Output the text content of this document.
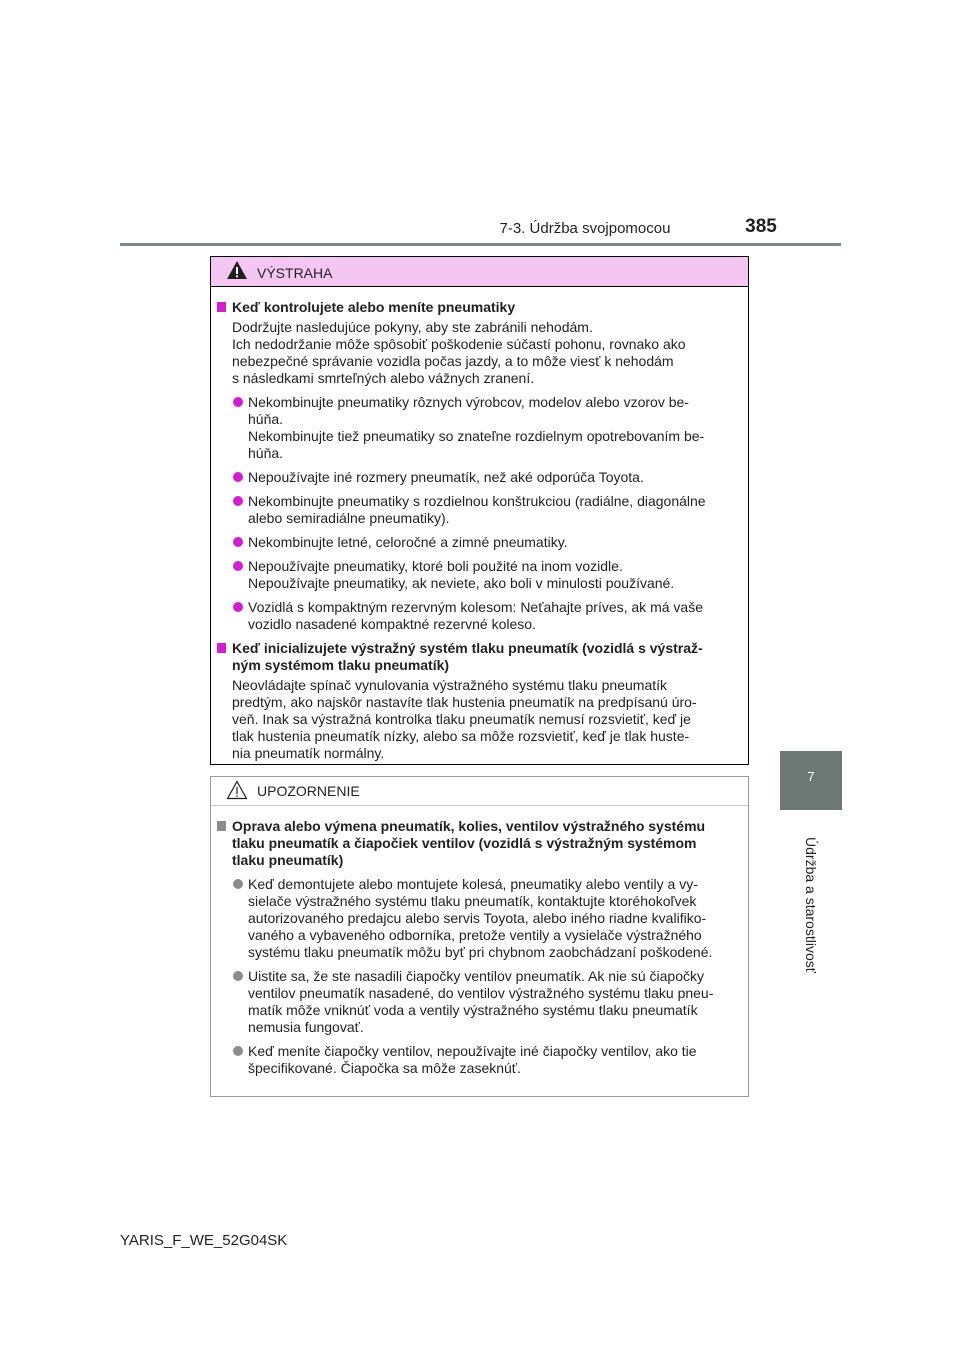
7-3. Údržba svojpomocou	385
7
Údržba a starostlivosť
VÝSTRAHA
Keď kontrolujete alebo meníte pneumatiky
Dodržujte nasledujúce pokyny, aby ste zabránili nehodám.
Ich nedodržanie môže spôsobiť poškodenie súčastí pohonu, rovnako ako
nebezpečné správanie vozidla počas jazdy, a to môže viesť k nehodám
s následkami smrteľných alebo vážnych zranení.
Nekombinujte pneumatiky rôznych výrobcov, modelov alebo vzorov be-
húňa.
Nekombinujte tiež pneumatiky so znateľne rozdielnym opotrebovaním be-
húňa.
Nepoužívajte iné rozmery pneumatík, než aké odporúča Toyota.
Nekombinujte pneumatiky s rozdielnou konštrukciou (radiálne, diagonálne
alebo semiradiálne pneumatiky).
Nekombinujte letné, celoročné a zimné pneumatiky.
Nepoužívajte pneumatiky, ktoré boli použité na inom vozidle.
Nepoužívajte pneumatiky, ak neviete, ako boli v minulosti používané.
Vozidlá s kompaktným rezervným kolesom: Neťahajte príves, ak má vaše
vozidlo nasadené kompaktné rezervné koleso.
Keď inicializujete výstražný systém tlaku pneumatík (vozidlá s výstraž-
ným systémom tlaku pneumatík)
Neovládajte spínač vynulovania výstražného systému tlaku pneumatík
predtým, ako najskôr nastavíte tlak hustenia pneumatík na predpísanú úro-
veň. Inak sa výstražná kontrolka tlaku pneumatík nemusí rozsvietiť, keď je
tlak hustenia pneumatík nízky, alebo sa môže rozsvietiť, keď je tlak huste-
nia pneumatík normálny.
UPOZORNENIE
Oprava alebo výmena pneumatík, kolies, ventilov výstražného systému
tlaku pneumatík a čiapočiek ventilov (vozidlá s výstražným systémom
tlaku pneumatík)
Keď demontujete alebo montujete kolesá, pneumatiky alebo ventily a vy-
sielače výstražného systému tlaku pneumatík, kontaktujte ktoréhokoľvek
autorizovaného predajcu alebo servis Toyota, alebo iného riadne kvalifiko-
vaného a vybaveného odborníka, pretože ventily a vysielače výstražného
systému tlaku pneumatík môžu byť pri chybnom zaobchádzaní poškodené.
Uistite sa, že ste nasadili čiapočky ventilov pneumatík. Ak nie sú čiapočky
ventilov pneumatík nasadené, do ventilov výstražného systému tlaku pneu-
matík môže vniknúť voda a ventily výstražného systému tlaku pneumatík
nemusia fungovať.
Keď meníte čiapočky ventilov, nepoužívajte iné čiapočky ventilov, ako tie
špecifikované. Čiapočka sa môže zaseknúť.
YARIS_F_WE_52G04SK
